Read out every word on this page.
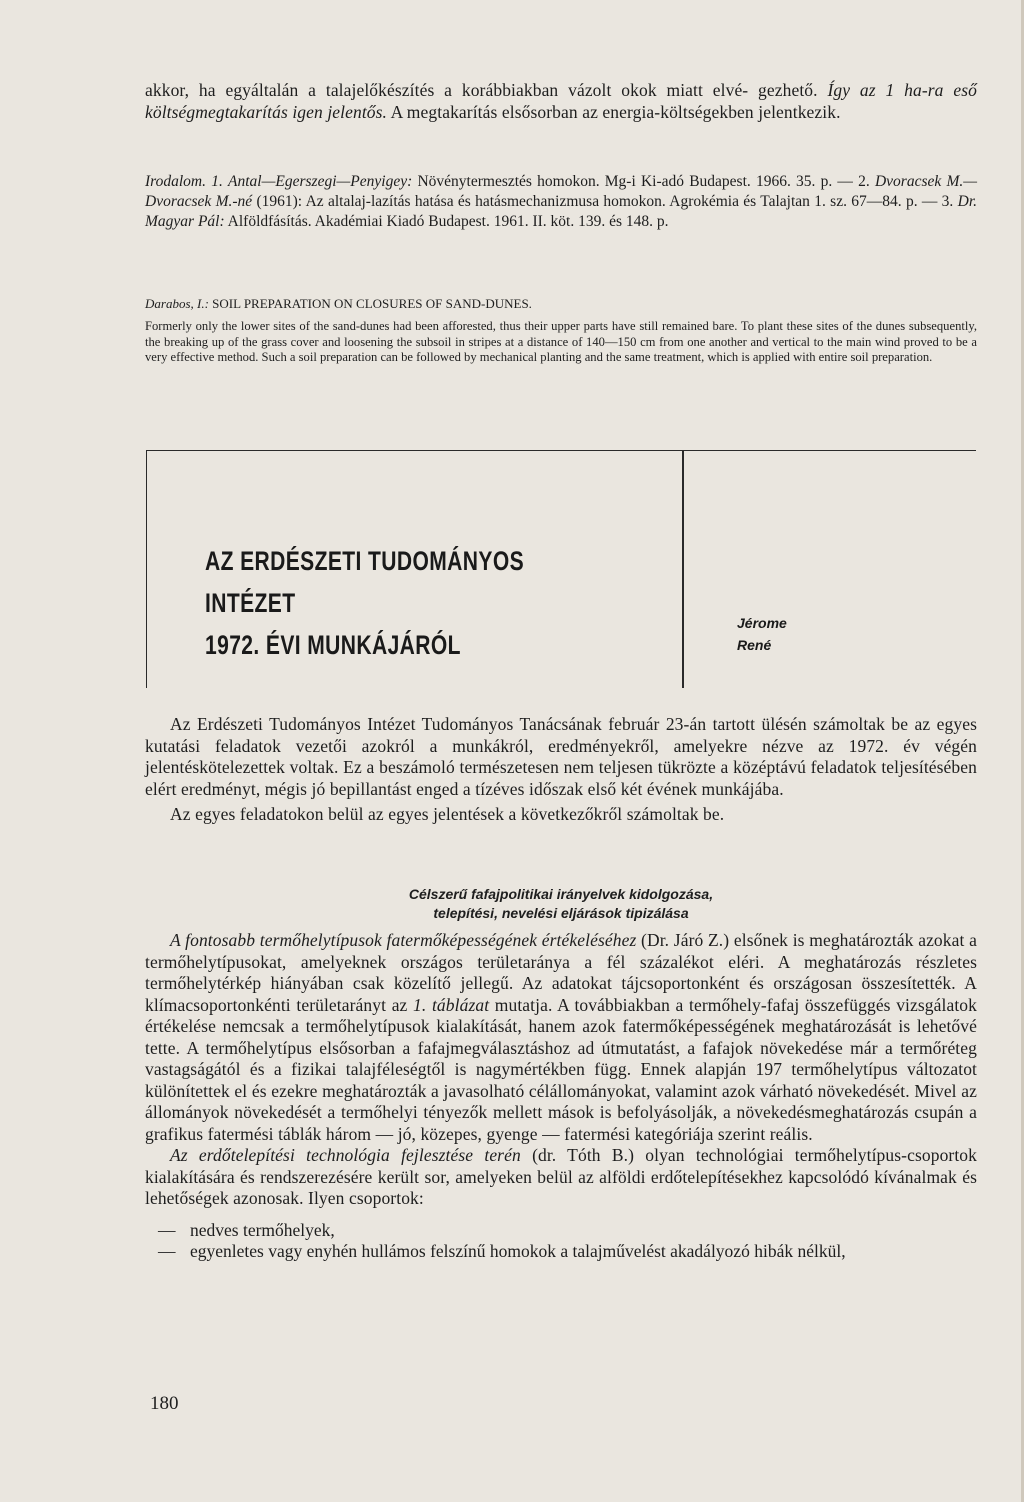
akkor, ha egyáltalán a talajelőkészítés a korábbiakban vázolt okok miatt elvé- gezhető. Így az 1 ha-ra eső költségmegtakarítás igen jelentős. A megtakarítás elsősorban az energia-költségekben jelentkezik.

Irodalom. 1. Antal—Egerszegi—Penyigey: Növénytermesztés homokon. Mg-i Ki-adó Budapest. 1966. 35. p. — 2. Dvoracsek M.—Dvoracsek M.-né (1961): Az altalaj-lazítás hatása és hatásmechanizmusa homokon. Agrokémia és Talajtan 1. sz. 67—84. p. — 3. Dr. Magyar Pál: Alföldfásítás. Akadémiai Kiadó Budapest. 1961. II. köt. 139. és 148. p.

Darabos, I.: SOIL PREPARATION ON CLOSURES OF SAND-DUNES.

Formerly only the lower sites of the sand-dunes had been afforested, thus their upper parts have still remained bare. To plant these sites of the dunes subsequently, the breaking up of the grass cover and loosening the subsoil in stripes at a distance of 140—150 cm from one another and vertical to the main wind proved to be a very effective method. Such a soil preparation can be followed by mechanical planting and the same treatment, which is applied with entire soil preparation.

AZ ERDÉSZETI TUDOMÁNYOS
INTÉZET
1972. ÉVI MUNKÁJÁRÓL
Jérome
René

Az Erdészeti Tudományos Intézet Tudományos Tanácsának február 23-án tartott ülésén számoltak be az egyes kutatási feladatok vezetői azokról a munkákról, eredményekről, amelyekre nézve az 1972. év végén jelentéskötelezettek voltak. Ez a beszámoló természetesen nem teljesen tükrözte a középtávú feladatok teljesítésében elért eredményt, mégis jó bepillantást enged a tízéves időszak első két évének munkájába.

Az egyes feladatokon belül az egyes jelentések a következőkről számoltak be.

Célszerű fafajpolitikai irányelvek kidolgozása,
telepítési, nevelési eljárások tipizálása

A fontosabb termőhelytípusok fatermőképességének értékeléséhez (Dr. Járó Z.) elsőnek is meghatározták azokat a termőhelytípusokat, amelyeknek országos területaránya a fél százalékot eléri. A meghatározás részletes termőhelytérkép hiányában csak közelítő jellegű. Az adatokat tájcsoportonként és országosan összesítették. A klímacsoportonkénti területarányt az 1. táblázat mutatja. A továbbiakban a termőhely-fafaj összefüggés vizsgálatok értékelése nemcsak a termőhelytípusok kialakítását, hanem azok fatermőképességének meghatározását is lehetővé tette. A termőhelytípus elsősorban a fafajmegválasztáshoz ad útmutatást, a fafajok növekedése már a termőréteg vastagságától és a fizikai talajféleségtől is nagymértékben függ. Ennek alapján 197 termőhelytípus változatot különítettek el és ezekre meghatározták a javasolható célállományokat, valamint azok várható növekedését. Mivel az állományok növekedését a termőhelyi tényezők mellett mások is befolyásolják, a növekedésmeghatározás csupán a grafikus fatermési táblák három — jó, közepes, gyenge — fatermési kategóriája szerint reális.

Az erdőtelepítési technológia fejlesztése terén (dr. Tóth B.) olyan technológiai termőhelytípus-csoportok kialakítására és rendszerezésére került sor, amelyeken belül az alföldi erdőtelepítésekhez kapcsolódó kívánalmak és lehetőségek azonosak. Ilyen csoportok:

— nedves termőhelyek,

— egyenletes vagy enyhén hullámos felszínű homokok a talajművelést akadályozó hibák nélkül,

180
